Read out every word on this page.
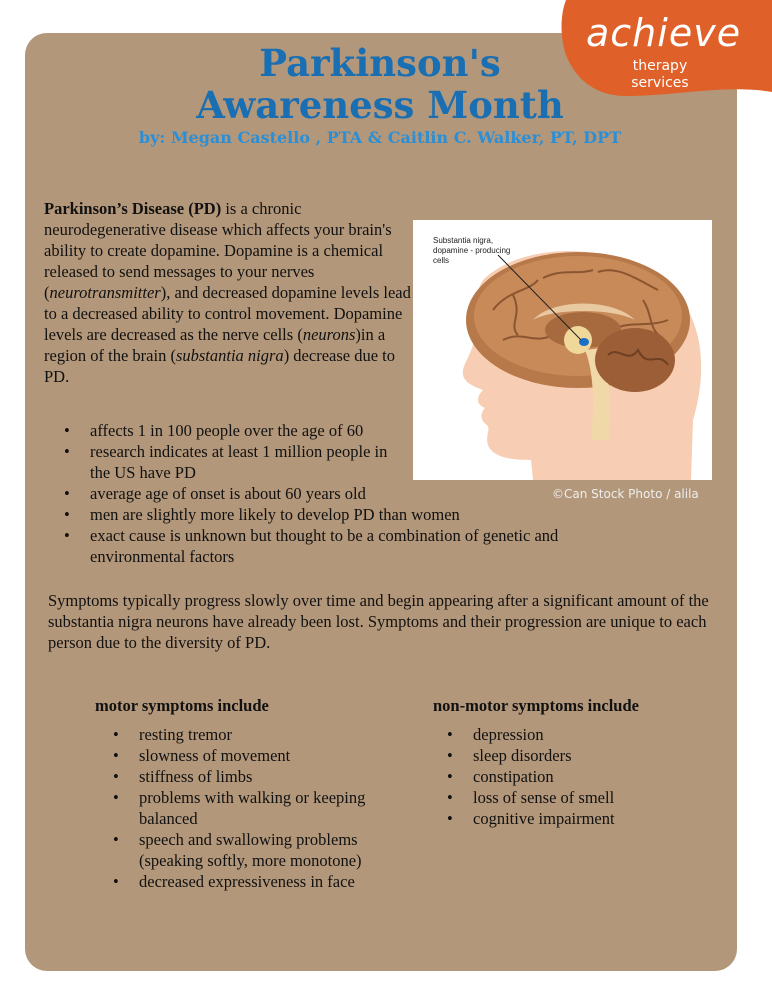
achieve
therapy
services
Parkinson's
Awareness Month
by: Megan Castello , PTA & Caitlin C. Walker, PT, DPT
Parkinson’s Disease (PD) is a chronic neurodegenerative disease which affects your brain's ability to create dopamine. Dopamine is a chemical released to send messages to your nerves (neurotransmitter), and decreased dopamine levels lead to a decreased ability to control movement. Dopamine levels are decreased as the nerve cells (neurons)in a region of the brain (substantia nigra) decrease due to PD.
Substantia nigra, dopamine - producing cells
©Can Stock Photo / alila
• affects 1 in 100 people over the age of 60
• research indicates at least 1 million people in the US have PD
• average age of onset is about 60 years old
• men are slightly more likely to develop PD than women
• exact cause is unknown but thought to be a combination of genetic and environmental factors
Symptoms typically progress slowly over time and begin appearing after a significant amount of the substantia nigra neurons have already been lost. Symptoms and their progression are unique to each person due to the diversity of PD.
motor symptoms include	non-motor symptoms include
• resting tremor
• slowness of movement
• stiffness of limbs
• problems with walking or keeping balanced
• speech and swallowing problems (speaking softly, more monotone)
• decreased expressiveness in face
• depression
• sleep disorders
• constipation
• loss of sense of smell
• cognitive impairment
